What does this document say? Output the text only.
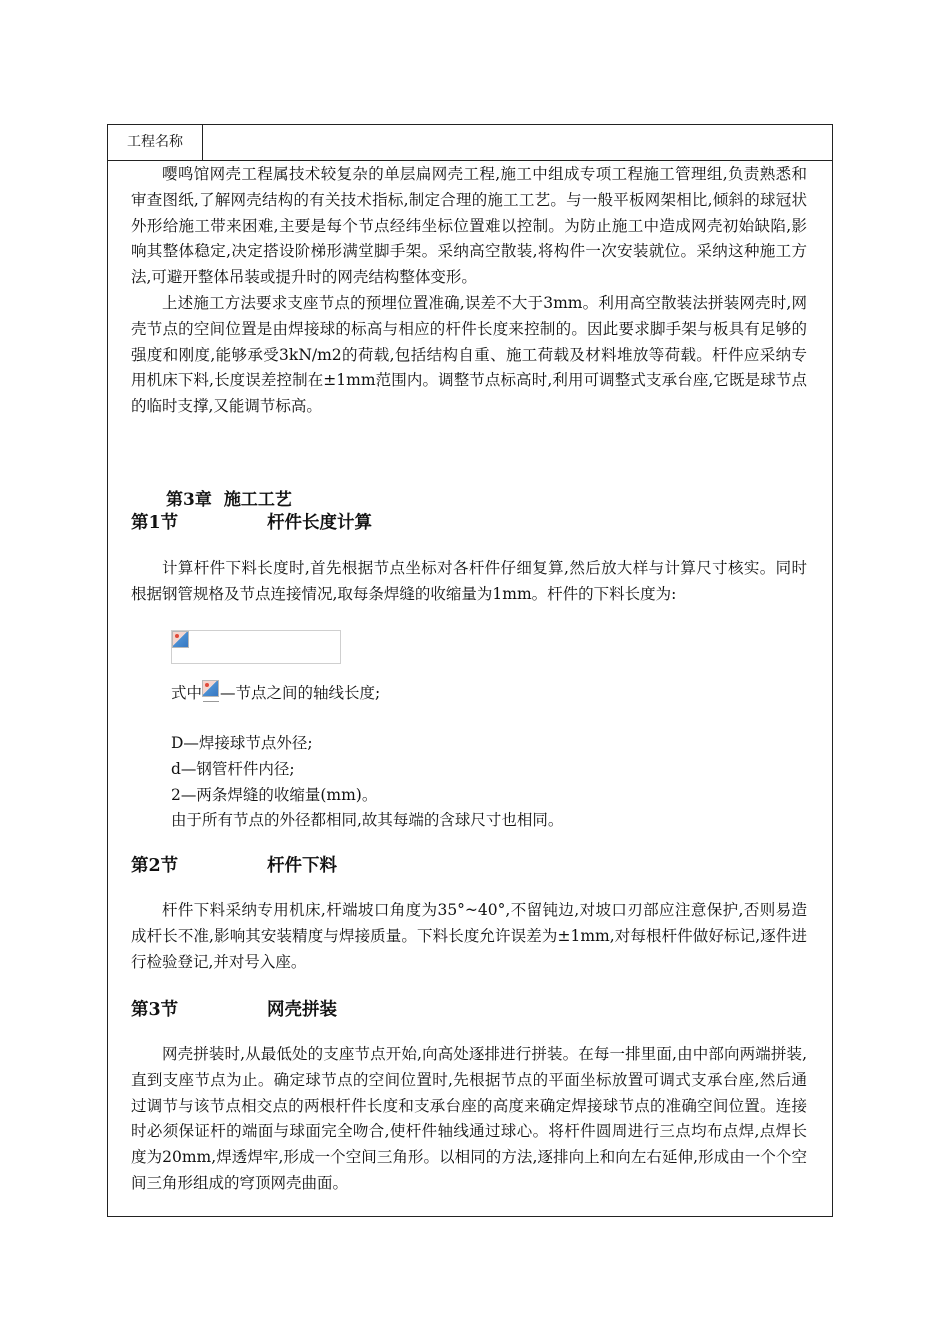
工程名称

嘤鸣馆网壳工程属技术较复杂的单层扁网壳工程,施工中组成专项工程施工管理组,负责熟悉和审查图纸,了解网壳结构的有关技术指标,制定合理的施工工艺。与一般平板网架相比,倾斜的球冠状外形给施工带来困难,主要是每个节点经纬坐标位置难以控制。为防止施工中造成网壳初始缺陷,影响其整体稳定,决定搭设阶梯形满堂脚手架。采纳高空散装,将构件一次安装就位。采纳这种施工方法,可避开整体吊装或提升时的网壳结构整体变形。

上述施工方法要求支座节点的预埋位置准确,误差不大于3mm。利用高空散装法拼装网壳时,网壳节点的空间位置是由焊接球的标高与相应的杆件长度来控制的。因此要求脚手架与板具有足够的强度和刚度,能够承受3kN/m2的荷载,包括结构自重、施工荷载及材料堆放等荷载。杆件应采纳专用机床下料,长度误差控制在±1mm范围内。调整节点标高时,利用可调整式支承台座,它既是球节点的临时支撑,又能调节标高。

第3章 施工工艺
第1节	杆件长度计算

计算杆件下料长度时,首先根据节点坐标对各杆件仔细复算,然后放大样与计算尺寸核实。同时根据钢管规格及节点连接情况,取每条焊缝的收缩量为1mm。杆件的下料长度为:

式中 —节点之间的轴线长度;

D—焊接球节点外径;

d—钢管杆件内径;

2—两条焊缝的收缩量(mm)。

由于所有节点的外径都相同,故其每端的含球尺寸也相同。

第2节	杆件下料

杆件下料采纳专用机床,杆端坡口角度为35°~40°,不留钝边,对坡口刃部应注意保护,否则易造成杆长不准,影响其安装精度与焊接质量。下料长度允许误差为±1mm,对每根杆件做好标记,逐件进行检验登记,并对号入座。

第3节	网壳拼装

网壳拼装时,从最低处的支座节点开始,向高处逐排进行拼装。在每一排里面,由中部向两端拼装,直到支座节点为止。确定球节点的空间位置时,先根据节点的平面坐标放置可调式支承台座,然后通过调节与该节点相交点的两根杆件长度和支承台座的高度来确定焊接球节点的准确空间位置。连接时必须保证杆的端面与球面完全吻合,使杆件轴线通过球心。将杆件圆周进行三点均布点焊,点焊长度为20mm,焊透焊牢,形成一个空间三角形。以相同的方法,逐排向上和向左右延伸,形成由一个个空间三角形组成的穹顶网壳曲面。
